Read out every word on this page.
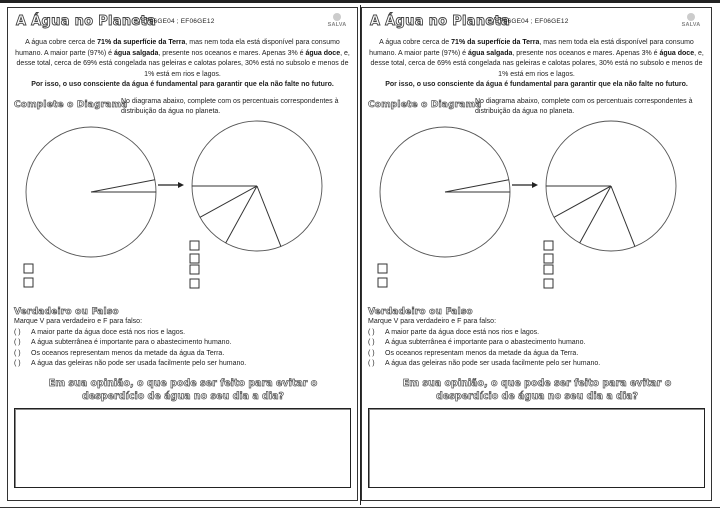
A Água no Planeta
EF06GE04 ; EF06GE12	SALVA
A água cobre cerca de 71% da superfície da Terra, mas nem toda ela está disponível para consumo humano. A maior parte (97%) é água salgada, presente nos oceanos e mares. Apenas 3% é água doce, e, desse total, cerca de 69% está congelada nas geleiras e calotas polares, 30% está no subsolo e menos de 1% está em rios e lagos.
Por isso, o uso consciente da água é fundamental para garantir que ela não falte no futuro.
Complete o Diagrama
No diagrama abaixo, complete com os percentuais correspondentes à distribuição da água no planeta.
Verdadeiro ou Falso
Marque V para verdadeiro e F para falso:
( ) A maior parte da água doce está nos rios e lagos.
( ) A água subterrânea é importante para o abastecimento humano.
( ) Os oceanos representam menos da metade da água da Terra.
( ) A água das geleiras não pode ser usada facilmente pelo ser humano.
Em sua opinião, o que pode ser feito para evitar o desperdício de água no seu dia a dia?
A Água no Planeta
EF06GE04 ; EF06GE12	SALVA
A água cobre cerca de 71% da superfície da Terra, mas nem toda ela está disponível para consumo humano. A maior parte (97%) é água salgada, presente nos oceanos e mares. Apenas 3% é água doce, e, desse total, cerca de 69% está congelada nas geleiras e calotas polares, 30% está no subsolo e menos de 1% está em rios e lagos.
Por isso, o uso consciente da água é fundamental para garantir que ela não falte no futuro.
Complete o Diagrama
No diagrama abaixo, complete com os percentuais correspondentes à distribuição da água no planeta.
Verdadeiro ou Falso
Marque V para verdadeiro e F para falso:
( ) A maior parte da água doce está nos rios e lagos.
( ) A água subterrânea é importante para o abastecimento humano.
( ) Os oceanos representam menos da metade da água da Terra.
( ) A água das geleiras não pode ser usada facilmente pelo ser humano.
Em sua opinião, o que pode ser feito para evitar o desperdício de água no seu dia a dia?
